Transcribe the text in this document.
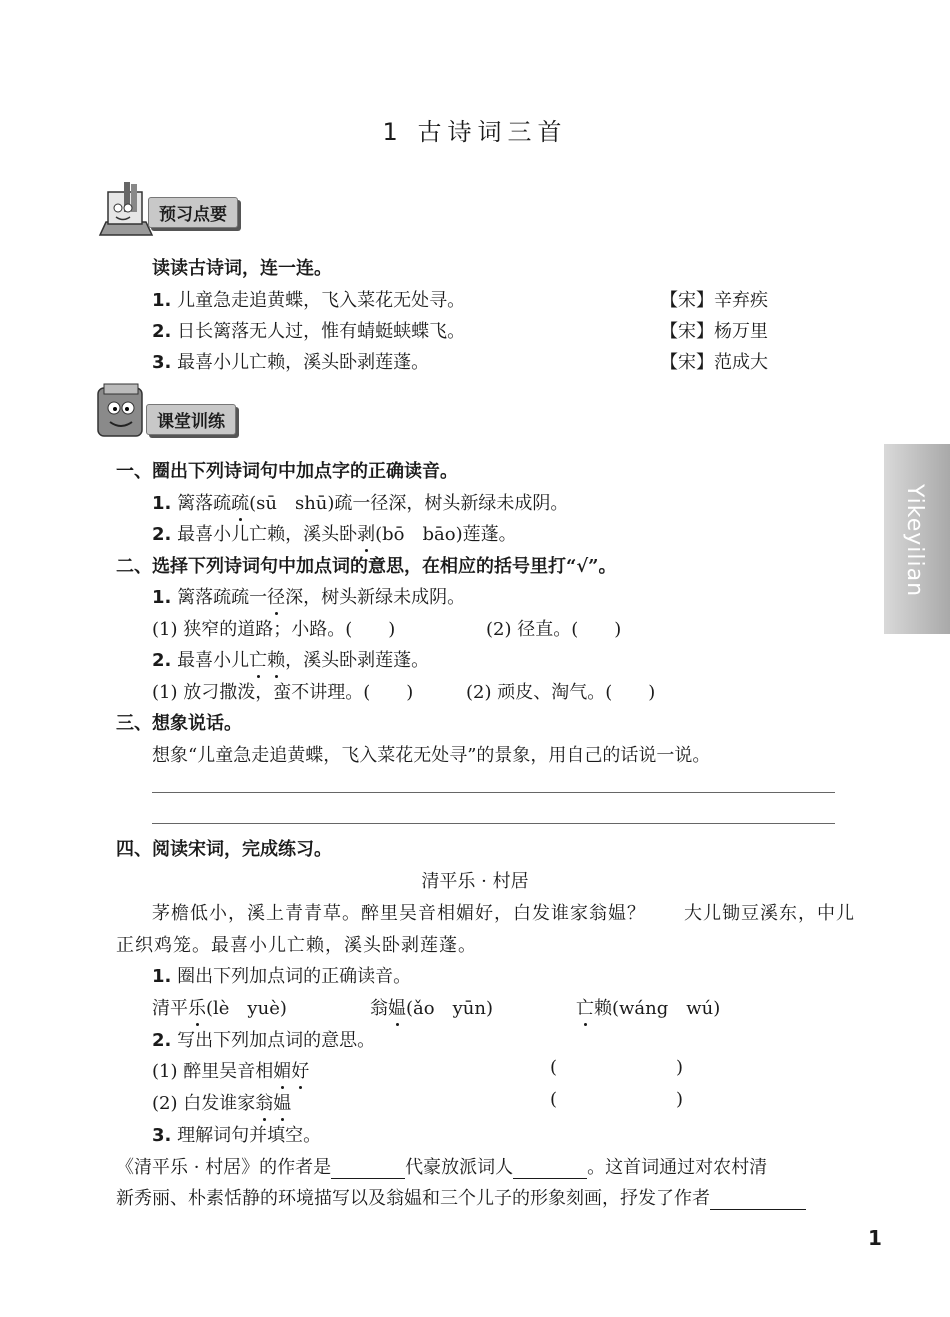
1 古诗词三首
预习点要
读读古诗词，连一连。
1. 儿童急走追黄蝶，飞入菜花无处寻。	【宋】辛弃疾
2. 日长篱落无人过，惟有蜻蜓蛱蝶飞。	【宋】杨万里
3. 最喜小儿亡赖，溪头卧剥莲蓬。	【宋】范成大
课堂训练
一、圈出下列诗词句中加点字的正确读音。
1. 篱落疏疏(sū　shū)疏一径深，树头新绿未成阴。
2. 最喜小儿亡赖，溪头卧剥(bō　bāo)莲蓬。
二、选择下列诗词句中加点词的意思，在相应的括号里打“√”。
1. 篱落疏疏一径深，树头新绿未成阴。
(1) 狭窄的道路；小路。(　　)	(2) 径直。(　　)
2. 最喜小儿亡赖，溪头卧剥莲蓬。
(1) 放刁撒泼，蛮不讲理。(　　)	(2) 顽皮、淘气。(　　)
三、想象说话。
想象“儿童急走追黄蝶，飞入菜花无处寻”的景象，用自己的话说一说。
四、阅读宋词，完成练习。
清平乐 · 村居
茅檐低小，溪上青青草。醉里吴音相媚好，白发谁家翁媪？　　大儿锄豆溪东，中儿
正织鸡笼。最喜小儿亡赖，溪头卧剥莲蓬。
1. 圈出下列加点词的正确读音。
清平乐(lè　yuè)	翁媪(ǎo　yūn)	亡赖(wáng　wú)
2. 写出下列加点词的意思。
(1) 醉里吴音相媚好	(	)
(2) 白发谁家翁媪	(	)
3. 理解词句并填空。
《清平乐 · 村居》的作者是	代豪放派词人	。这首词通过对农村清
新秀丽、朴素恬静的环境描写以及翁媪和三个儿子的形象刻画，抒发了作者
Yikeyilian
1
